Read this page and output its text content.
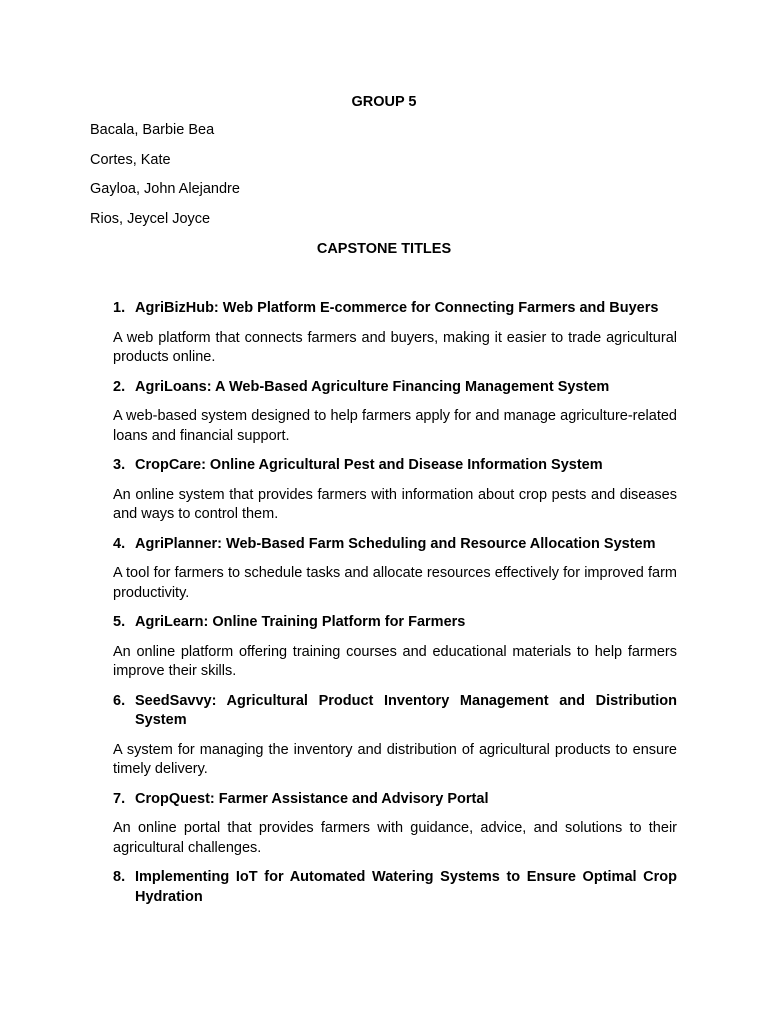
GROUP 5
Bacala, Barbie Bea
Cortes, Kate
Gayloa, John Alejandre
Rios, Jeycel Joyce
CAPSTONE TITLES
1. AgriBizHub: Web Platform E-commerce for Connecting Farmers and Buyers
A web platform that connects farmers and buyers, making it easier to trade agricultural products online.
2. AgriLoans: A Web-Based Agriculture Financing Management System
A web-based system designed to help farmers apply for and manage agriculture-related loans and financial support.
3. CropCare: Online Agricultural Pest and Disease Information System
An online system that provides farmers with information about crop pests and diseases and ways to control them.
4. AgriPlanner: Web-Based Farm Scheduling and Resource Allocation System
A tool for farmers to schedule tasks and allocate resources effectively for improved farm productivity.
5. AgriLearn: Online Training Platform for Farmers
An online platform offering training courses and educational materials to help farmers improve their skills.
6. SeedSavvy: Agricultural Product Inventory Management and Distribution System
A system for managing the inventory and distribution of agricultural products to ensure timely delivery.
7. CropQuest: Farmer Assistance and Advisory Portal
An online portal that provides farmers with guidance, advice, and solutions to their agricultural challenges.
8. Implementing IoT for Automated Watering Systems to Ensure Optimal Crop Hydration
